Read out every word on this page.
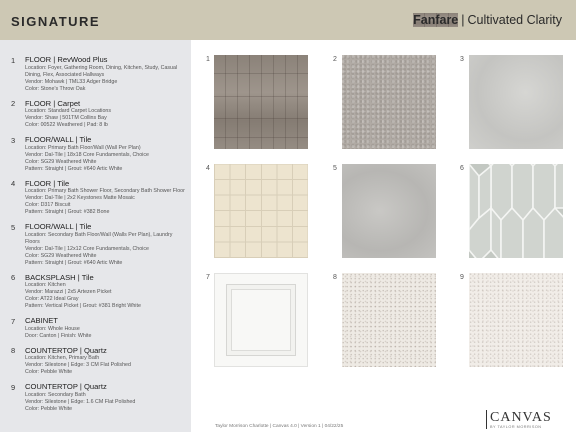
SIGNATURE	Fanfare | Cultivated Clarity
1	FLOOR | RevWood Plus
Location: Foyer, Gathering Room, Dining, Kitchen, Study, Casual Dining, Flex, Associated Hallways
Vendor: Mohawk | TML33 Adger Bridge
Color: Stone's Throw Oak
2	FLOOR | Carpet
Location: Standard Carpet Locations
Vendor: Shaw | 501TM Collins Bay
Color: 00522 Weathered | Pad: 8 lb
3	FLOOR/WALL | Tile
Location: Primary Bath Floor/Wall (Wall Per Plan)
Vendor: Dal-Tile | 18x18 Core Fundamentals, Choice
Color: SG29 Weathered White
Pattern: Straight | Grout: #640 Artic White
4	FLOOR | Tile
Location: Primary Bath Shower Floor, Secondary Bath Shower Floor
Vendor: Dal-Tile | 2x2 Keystones Matte Mosaic
Color: D317 Biscuit
Pattern: Straight | Grout: #382 Bone
5	FLOOR/WALL | Tile
Location: Secondary Bath Floor/Wall (Walls Per Plan), Laundry Floors
Vendor: Dal-Tile | 12x12 Core Fundamentals, Choice
Color: SG29 Weathered White
Pattern: Straight | Grout: #640 Artic White
6	BACKSPLASH | Tile
Location: Kitchen
Vendor: Marazzi | 2x5 Artezen Picket
Color: AT22 Ideal Gray
Pattern: Vertical Picket | Grout: #381 Bright White
7	CABINET
Location: Whole House
Door: Canton | Finish: White
8	COUNTERTOP | Quartz
Location: Kitchen, Primary Bath
Vendor: Silestone | Edge: 3 CM Flat Polished
Color: Pebble White
9	COUNTERTOP | Quartz
Location: Secondary Bath
Vendor: Silestone | Edge: 1.6 CM Flat Polished
Color: Pebble White
1	2	3
4	5	6
7	8	9
Taylor Morrison Charlotte | Canvas 4.0 | Version 1 | 04/22/25
CANVAS
BY TAYLOR MORRISON
